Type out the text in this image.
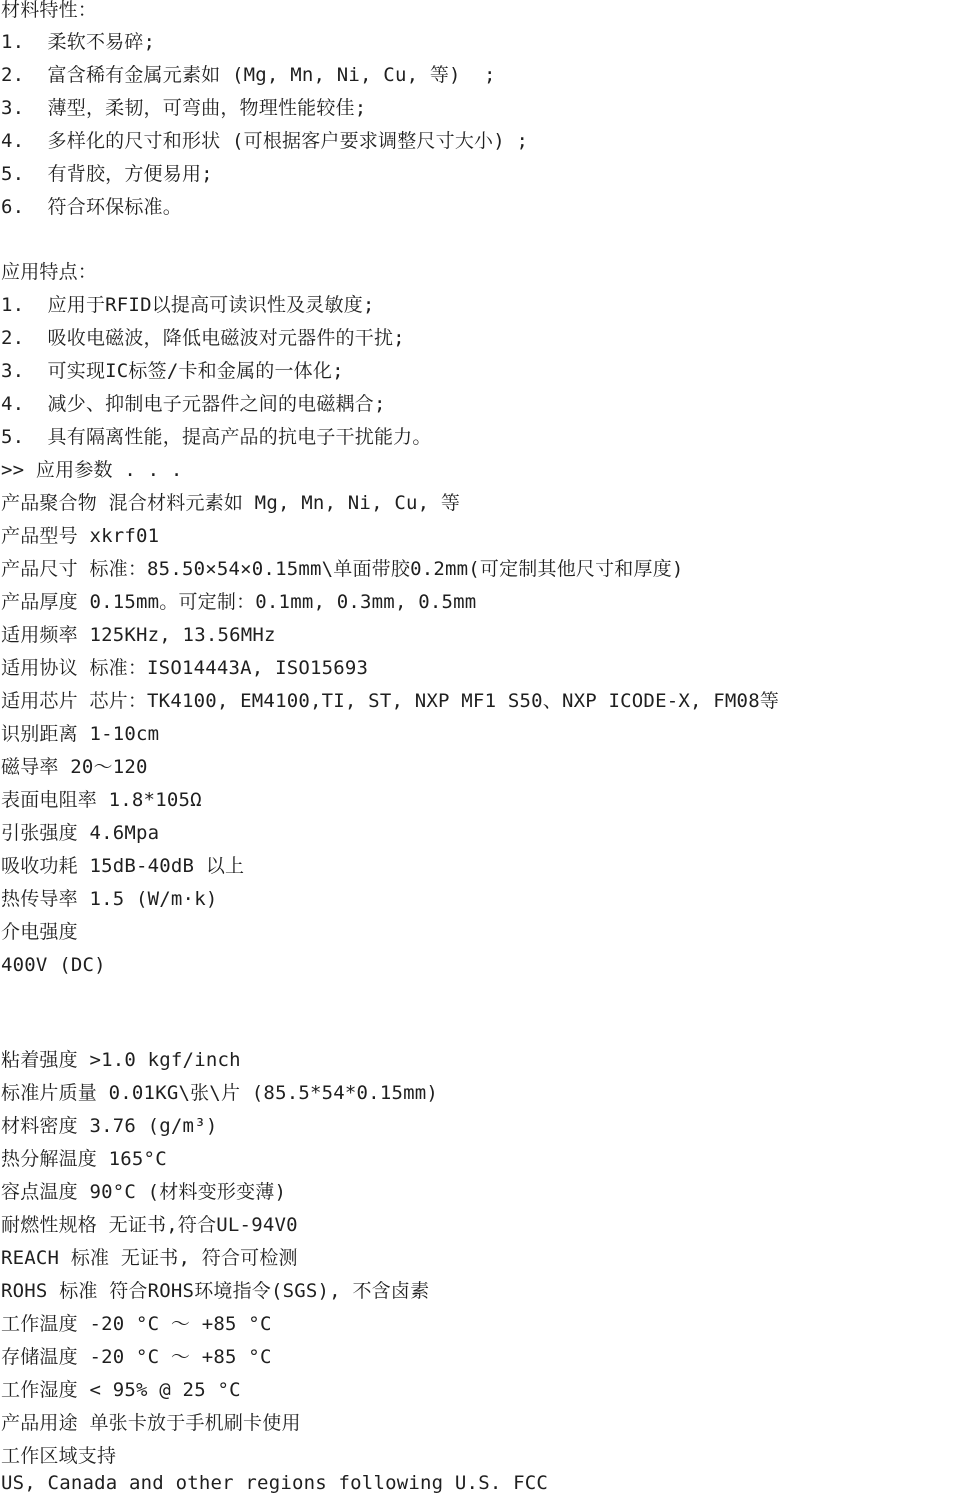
材料特性：
1.  柔软不易碎;
2.  富含稀有金属元素如 (Mg, Mn, Ni, Cu, 等)  ;
3.  薄型，柔韧，可弯曲，物理性能较佳;
4.  多样化的尺寸和形状 (可根据客户要求调整尺寸大小) ;
5.  有背胶，方便易用;
6.  符合环保标准。
应用特点：
1.  应用于RFID以提高可读识性及灵敏度;
2.  吸收电磁波，降低电磁波对元器件的干扰;
3.  可实现IC标签/卡和金属的一体化;
4.  减少、抑制电子元器件之间的电磁耦合;
5.  具有隔离性能，提高产品的抗电子干扰能力。
>> 应用参数 . . .
产品聚合物 混合材料元素如 Mg, Mn, Ni, Cu, 等
产品型号 xkrf01
产品尺寸 标准：85.50×54×0.15mm\单面带胶0.2mm(可定制其他尺寸和厚度)
产品厚度 0.15mm。可定制：0.1mm, 0.3mm, 0.5mm
适用频率 125KHz, 13.56MHz
适用协议 标准：ISO14443A, ISO15693
适用芯片 芯片：TK4100, EM4100,TI, ST, NXP MF1 S50、NXP ICODE-X, FM08等
识别距离 1-10cm
磁导率 20～120
表面电阻率 1.8*105Ω
引张强度 4.6Mpa
吸收功耗 15dB-40dB 以上
热传导率 1.5 (W/m·k)
介电强度
400V (DC)
粘着强度 >1.0 kgf/inch
标准片质量 0.01KG\张\片 (85.5*54*0.15mm)
材料密度 3.76 (g/m³)
热分解温度 165°C
容点温度 90°C (材料变形变薄)
耐燃性规格 无证书,符合UL-94V0
REACH 标准 无证书, 符合可检测
ROHS 标准 符合ROHS环境指令(SGS), 不含卤素
工作温度 -20 °C ～ +85 °C
存储温度 -20 °C ～ +85 °C
工作湿度 < 95% @ 25 °C
产品用途 单张卡放于手机刷卡使用
工作区域支持
US, Canada and other regions following U.S. FCC
